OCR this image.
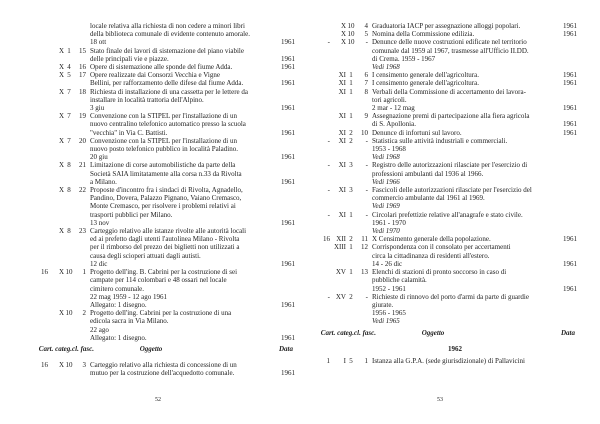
locale relativa alla richiesta di non cedere a minori libri
della biblioteca comunale di evidente contenuto amorale.
18 ott	1961
X 1	15 Stato finale dei lavori di sistemazione del piano viabile
delle principali vie e piazze.	1961
X 4	16 Opere di sistemazione alle sponde del fiume Adda.	1961
X 5	17 Opere realizzate dai Consorzi Vecchia e Vigne
Bellini, per rafforzamento delle difese dal fiume Adda.	1961
X 7	18 Richiesta di installazione di una cassetta per le lettere da
installare in località trattoria dell'Alpino.
3 giu	1961
X 7	19 Convenzione con la STIPEL per l'installazione di un
nuovo centralino telefonico automatico presso la scuola
"vecchia" in Via C. Battisti.	1961
X 7	20 Convenzione con la STIPEL per l'installazione di un
nuovo posto telefonico pubblico in località Paladino.
20 giu	1961
X 8	21 Limitazione di corse automobilistiche da parte della
Società SAIA limitatamente alla corsa n.33 da Rivolta
a Milano.	1961
X 8	22 Proposte d'incontro fra i sindaci di Rivolta, Agnadello,
Pandino, Dovera, Palazzo Pignano, Vaiano Cremasco,
Monte Cremasco, per risolvere i problemi relativi ai
trasporti pubblici per Milano.
13 nov	1961
X 8	23 Carteggio relativo alle istanze rivolte alle autorità locali
ed ai prefetto dagli utenti l'autolinea Milano - Rivolta
per il rimborso del prezzo dei biglietti non utilizzati a
causa degli scioperi attuati dagli autisti.
12 dic	1961
16	X 10	1 Progetto dell'ing. B. Cabrini per la costruzione di sei
campate per 114 colombari e 48 ossari nel locale
cimitero comunale.
22 mag 1959 - 12 ago 1961
Allegato: 1 disegno.	1961
X 10	2 Progetto dell'ing. Cabrini per la costruzione di una
edicola sacra in Via Milano.
22 ago
Allegato: 1 disegno.	1961
Cart. categ.cl. fasc.	Oggetto	Data
16	X 10	3 Carteggio relativo alla richiesta di concessione di un
mutuo per la costruzione dell'acquedotto comunale.	1961
52
X 10	4 Graduatoria IACP per assegnazione alloggi popolari.	1961
X 10	5 Nomina della Commissione edilizia.	1961
-	X 10	- Denunce delle nuove costruzioni edificate nel territorio
comunale dal 1959 al 1967, trasmesse all'Ufficio II.DD.
di Crema. 1959 - 1967
Vedi 1968
XI 1	6 I censimento generale dell'agricoltura.	1961
XI 1	7 I censimento generale dell'agricoltura.	1961
XI 1	8 Verbali della Commissione di accertamento dei lavora-
tori agricoli.
2 mar - 12 mag	1961
XI 1	9 Assegnazione premi di partecipazione alla fiera agricola
di S. Apollonia.	1961
XI 2	10 Denunce di infortuni sul lavoro.	1961
-	XI 2	- Statistica sulle attività industriali e commerciali.
1953 - 1968
Vedi 1968
-	XI 3	- Registro delle autorizzazioni rilasciate per l'esercizio di
professioni ambulanti dal 1936 al 1966.
Vedi 1966
-	XI 3	- Fascicoli delle autorizzazioni rilasciate per l'esercizio del
commercio ambulante dal 1961 al 1969.
Vedi 1969
-	XI 1	- Circolari prefettizie relative all'anagrafe e stato civile.
1961 - 1970
Vedi 1970
16 XII 2	11 X Censimento generale della popolazione.	1961
XIII 1	12 Corrispondenza con il consolato per accertamenti
circa la cittadinanza di residenti all'estero.
14 - 26 dic	1961
XV 1	13 Elenchi di stazioni di pronto soccorso in caso di
pubbliche calamità.
1952 - 1961	1961
- XV 2	- Richieste di rinnovo del porto d'armi da parte di guardie
giurate.
1956 - 1965
Vedi 1965
Cart. categ.cl. fasc.	Oggetto	Data
1962
1	I 5	1 Istanza alla G.P.A. (sede giurisdizionale) di Pallavicini
53
